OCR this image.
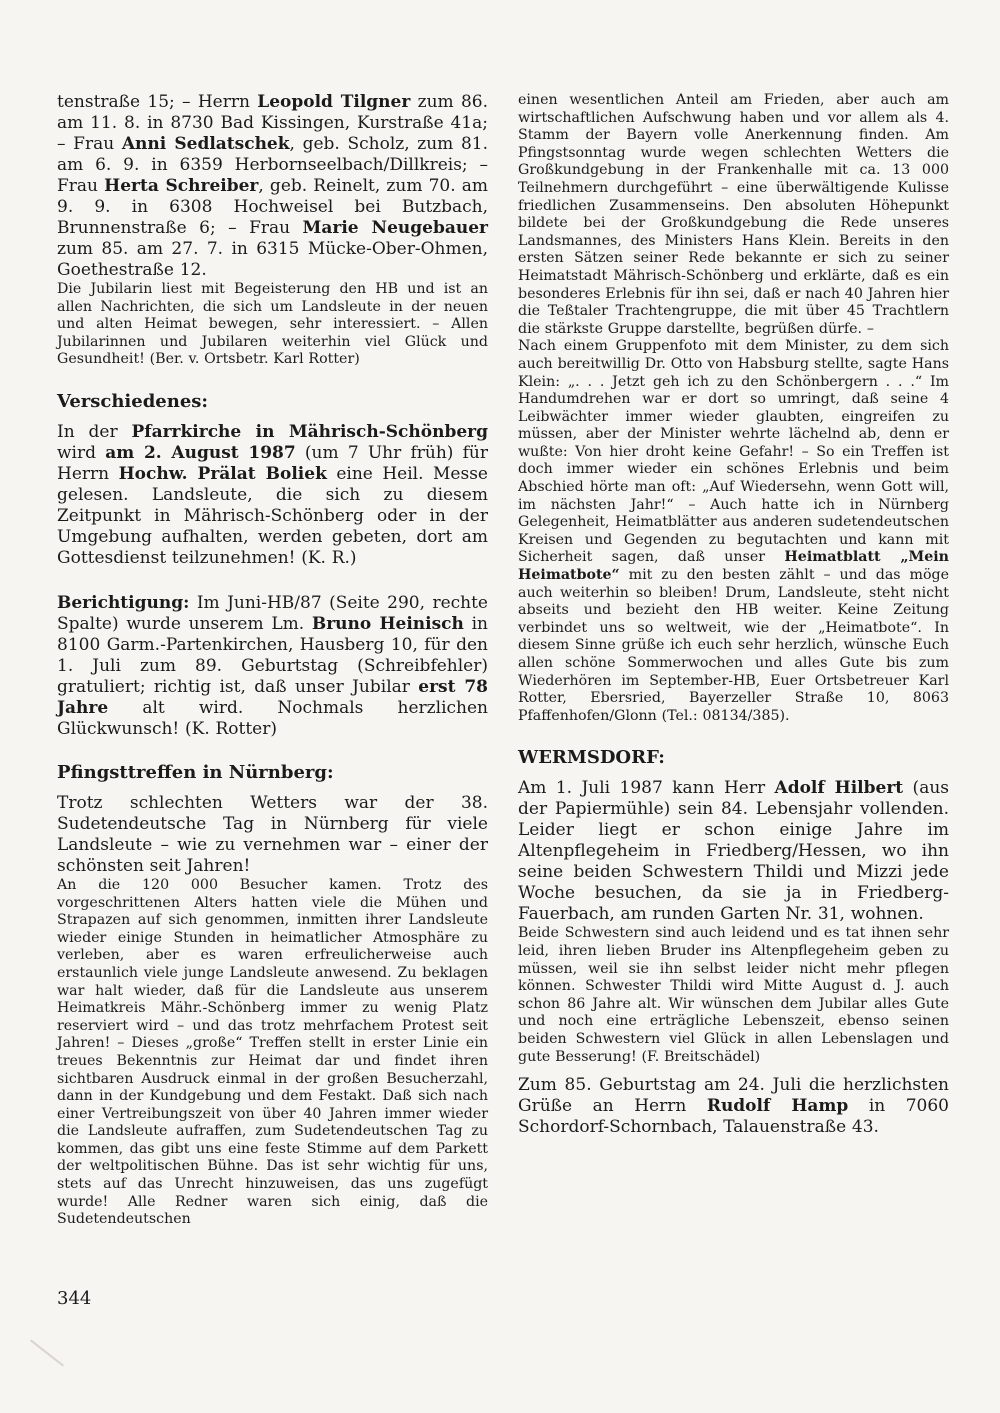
tenstraße 15; – Herrn Leopold Tilgner zum 86. am 11. 8. in 8730 Bad Kissingen, Kurstraße 41a; – Frau Anni Sedlatschek, geb. Scholz, zum 81. am 6. 9. in 6359 Herbornseelbach/Dillkreis; – Frau Herta Schreiber, geb. Reinelt, zum 70. am 9. 9. in 6308 Hochweisel bei Butzbach, Brunnenstraße 6; – Frau Marie Neugebauer zum 85. am 27. 7. in 6315 Mücke-Ober-Ohmen, Goethestraße 12.

Die Jubilarin liest mit Begeisterung den HB und ist an allen Nachrichten, die sich um Landsleute in der neuen und alten Heimat bewegen, sehr interessiert. – Allen Jubilarinnen und Jubilaren weiterhin viel Glück und Gesundheit! (Ber. v. Ortsbetr. Karl Rotter)

Verschiedenes:

In der Pfarrkirche in Mährisch-Schönberg wird am 2. August 1987 (um 7 Uhr früh) für Herrn Hochw. Prälat Boliek eine Heil. Messe gelesen. Landsleute, die sich zu diesem Zeitpunkt in Mährisch-Schönberg oder in der Umgebung aufhalten, werden gebeten, dort am Gottesdienst teilzunehmen! (K. R.)

Berichtigung: Im Juni-HB/87 (Seite 290, rechte Spalte) wurde unserem Lm. Bruno Heinisch in 8100 Garm.-Partenkirchen, Hausberg 10, für den 1. Juli zum 89. Geburtstag (Schreibfehler) gratuliert; richtig ist, daß unser Jubilar erst 78 Jahre alt wird. Nochmals herzlichen Glückwunsch! (K. Rotter)

Pfingsttreffen in Nürnberg:

Trotz schlechten Wetters war der 38. Sudetendeutsche Tag in Nürnberg für viele Landsleute – wie zu vernehmen war – einer der schönsten seit Jahren!

An die 120 000 Besucher kamen. Trotz des vorgeschrittenen Alters hatten viele die Mühen und Strapazen auf sich genommen, inmitten ihrer Landsleute wieder einige Stunden in heimatlicher Atmosphäre zu verleben, aber es waren erfreulicherweise auch erstaunlich viele junge Landsleute anwesend. Zu beklagen war halt wieder, daß für die Landsleute aus unserem Heimatkreis Mähr.-Schönberg immer zu wenig Platz reserviert wird – und das trotz mehrfachem Protest seit Jahren! – Dieses „große“ Treffen stellt in erster Linie ein treues Bekenntnis zur Heimat dar und findet ihren sichtbaren Ausdruck einmal in der großen Besucherzahl, dann in der Kundgebung und dem Festakt. Daß sich nach einer Vertreibungszeit von über 40 Jahren immer wieder die Landsleute aufraffen, zum Sudetendeutschen Tag zu kommen, das gibt uns eine feste Stimme auf dem Parkett der weltpolitischen Bühne. Das ist sehr wichtig für uns, stets auf das Unrecht hinzuweisen, das uns zugefügt wurde! Alle Redner waren sich einig, daß die Sudetendeutschen

einen wesentlichen Anteil am Frieden, aber auch am wirtschaftlichen Aufschwung haben und vor allem als 4. Stamm der Bayern volle Anerkennung finden. Am Pfingstsonntag wurde wegen schlechten Wetters die Großkundgebung in der Frankenhalle mit ca. 13 000 Teilnehmern durchgeführt – eine überwältigende Kulisse friedlichen Zusammenseins. Den absoluten Höhepunkt bildete bei der Großkundgebung die Rede unseres Landsmannes, des Ministers Hans Klein. Bereits in den ersten Sätzen seiner Rede bekannte er sich zu seiner Heimatstadt Mährisch-Schönberg und erklärte, daß es ein besonderes Erlebnis für ihn sei, daß er nach 40 Jahren hier die Teßtaler Trachtengruppe, die mit über 45 Trachtlern die stärkste Gruppe darstellte, begrüßen dürfe. –

Nach einem Gruppenfoto mit dem Minister, zu dem sich auch bereitwillig Dr. Otto von Habsburg stellte, sagte Hans Klein: „. . . Jetzt geh ich zu den Schönbergern . . .“ Im Handumdrehen war er dort so umringt, daß seine 4 Leibwächter immer wieder glaubten, eingreifen zu müssen, aber der Minister wehrte lächelnd ab, denn er wußte: Von hier droht keine Gefahr! – So ein Treffen ist doch immer wieder ein schönes Erlebnis und beim Abschied hörte man oft: „Auf Wiedersehn, wenn Gott will, im nächsten Jahr!“ – Auch hatte ich in Nürnberg Gelegenheit, Heimatblätter aus anderen sudetendeutschen Kreisen und Gegenden zu begutachten und kann mit Sicherheit sagen, daß unser Heimatblatt „Mein Heimatbote“ mit zu den besten zählt – und das möge auch weiterhin so bleiben! Drum, Landsleute, steht nicht abseits und bezieht den HB weiter. Keine Zeitung verbindet uns so weltweit, wie der „Heimatbote“. In diesem Sinne grüße ich euch sehr herzlich, wünsche Euch allen schöne Sommerwochen und alles Gute bis zum Wiederhören im September-HB, Euer Ortsbetreuer Karl Rotter, Ebersried, Bayerzeller Straße 10, 8063 Pfaffenhofen/Glonn (Tel.: 08134/385).

WERMSDORF:

Am 1. Juli 1987 kann Herr Adolf Hilbert (aus der Papiermühle) sein 84. Lebensjahr vollenden. Leider liegt er schon einige Jahre im Altenpflegeheim in Friedberg/Hessen, wo ihn seine beiden Schwestern Thildi und Mizzi jede Woche besuchen, da sie ja in Friedberg-Fauerbach, am runden Garten Nr. 31, wohnen.

Beide Schwestern sind auch leidend und es tat ihnen sehr leid, ihren lieben Bruder ins Altenpflegeheim geben zu müssen, weil sie ihn selbst leider nicht mehr pflegen können. Schwester Thildi wird Mitte August d. J. auch schon 86 Jahre alt. Wir wünschen dem Jubilar alles Gute und noch eine erträgliche Lebenszeit, ebenso seinen beiden Schwestern viel Glück in allen Lebenslagen und gute Besserung! (F. Breitschädel)

Zum 85. Geburtstag am 24. Juli die herzlichsten Grüße an Herrn Rudolf Hamp in 7060 Schordorf-Schornbach, Talauenstraße 43.

344
